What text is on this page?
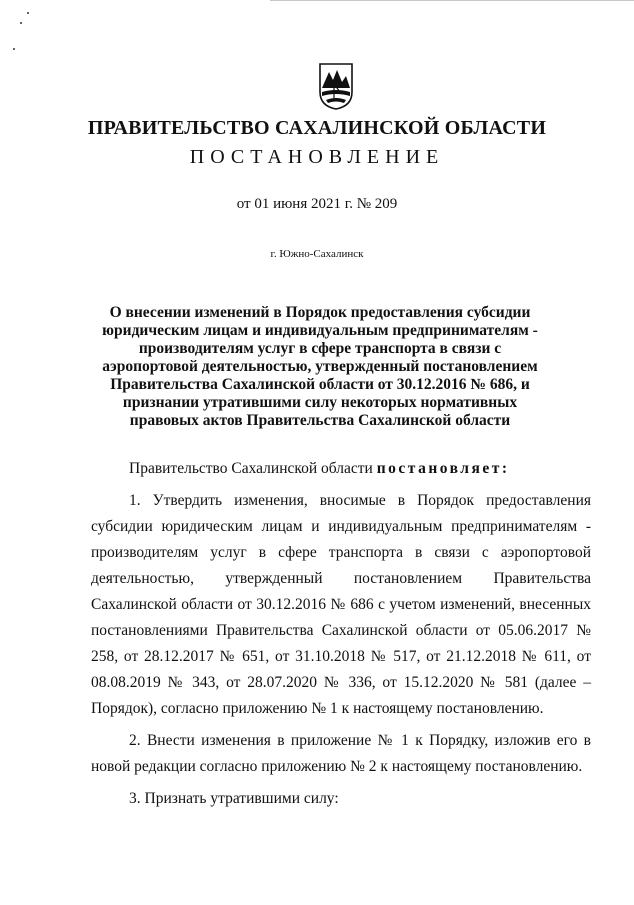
ПРАВИТЕЛЬСТВО САХАЛИНСКОЙ ОБЛАСТИ
ПОСТАНОВЛЕНИЕ
от 01 июня 2021 г. № 209
г. Южно-Сахалинск
О внесении изменений в Порядок предоставления субсидии юридическим лицам и индивидуальным предпринимателям - производителям услуг в сфере транспорта в связи с аэропортовой деятельностью, утвержденный постановлением Правительства Сахалинской области от 30.12.2016 № 686, и признании утратившими силу некоторых нормативных правовых актов Правительства Сахалинской области

Правительство Сахалинской области постановляет:

1. Утвердить изменения, вносимые в Порядок предоставления субсидии юридическим лицам и индивидуальным предпринимателям - производителям услуг в сфере транспорта в связи с аэропортовой деятельностью, утвержденный постановлением Правительства Сахалинской области от 30.12.2016 № 686 с учетом изменений, внесенных постановлениями Правительства Сахалинской области от 05.06.2017 № 258, от 28.12.2017 № 651, от 31.10.2018 № 517, от 21.12.2018 № 611, от 08.08.2019 № 343, от 28.07.2020 № 336, от 15.12.2020 № 581 (далее – Порядок), согласно приложению № 1 к настоящему постановлению.

2. Внести изменения в приложение № 1 к Порядку, изложив его в новой редакции согласно приложению № 2 к настоящему постановлению.

3. Признать утратившими силу:
